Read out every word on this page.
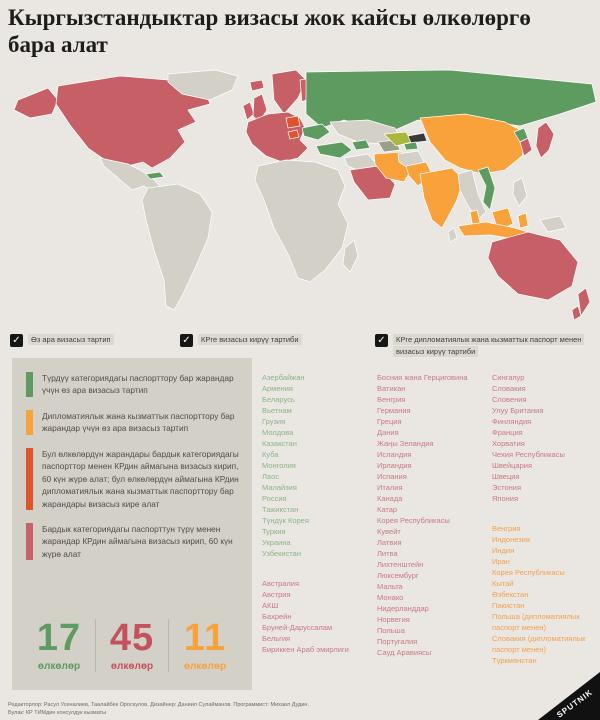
Кыргызстандыктар визасы жок кайсы өлкөлөргө бара алат
✓	Өз ара визасыз тартип	✓	КРге визасыз кирүү тартиби	✓	КРге дипломатиялык жана кызматтык паспорт менен визасыз кирүү тартиби
Түрдүү категориядагы паспорттору бар жарандар үчүн өз ара визасыз тартип
Дипломатиялык жана кызматтык паспорттору бар жарандар үчүн өз ара визасыз тартип
Бул өлкөлөрдүн жарандары бардык категориядагы паспорттор менен КРдин аймагына визасыз кирип, 60 күн жүрө алат; бул өлкөлөрдүн аймагына КРдин дипломатиялык жана кызматтык паспорттору бар жарандары визасыз кире алат
Бардык категориядагы паспорттун түрү менен жарандар КРдин аймагына визасыз кирип, 60 күн жүрө алат
17
өлкөлөр
45
өлкөлөр
11
өлкөлөр
Азербайжан
Армения
Беларусь
Вьетнам
Грузия
Молдова
Казакстан
Куба
Монголия
Лаос
Малайзия
Россия
Тажикстан
Түндүк Корея
Туркия
Украина
Узбекистан
Австралия
Австрия
АКШ
Бахрейн
Бруней-Даруссалам
Бельгия
Бириккен Араб эмирлиги
Босния жана Герциговина
Ватикан
Венгрия
Германия
Греция
Дания
Жаңы Зеландия
Исландия
Ирландия
Испания
Италия
Канада
Катар
Корея Республикасы
Кувейт
Латвия
Литва
Лихтенштейн
Люксембург
Мальта
Монако
Нидерланддар
Норвегия
Польша
Португалия
Сауд Аравиясы
Сингапур
Словакия
Словения
Улуу Британия
Финляндия
Франция
Хорватия
Чехия Республикасы
Швейцария
Швеция
Эстония
Япония
Венгрия
Индонезия
Индия
Иран
Корея Республикасы
Кытай
Өзбекстан
Пакистан
Польша (дипломатиялык паспорт менен)
Словакия (дипломатиялык паспорт менен)
Түркмөнстан
Редакторлор: Расул Усеналиев, Таалайбек Ороскулов. Дизайнер: Даниил Сулайманов. Программист: Михаил Дудин.
Булак: КР ТИМдин консулдук кызматы	SPUTNIK
